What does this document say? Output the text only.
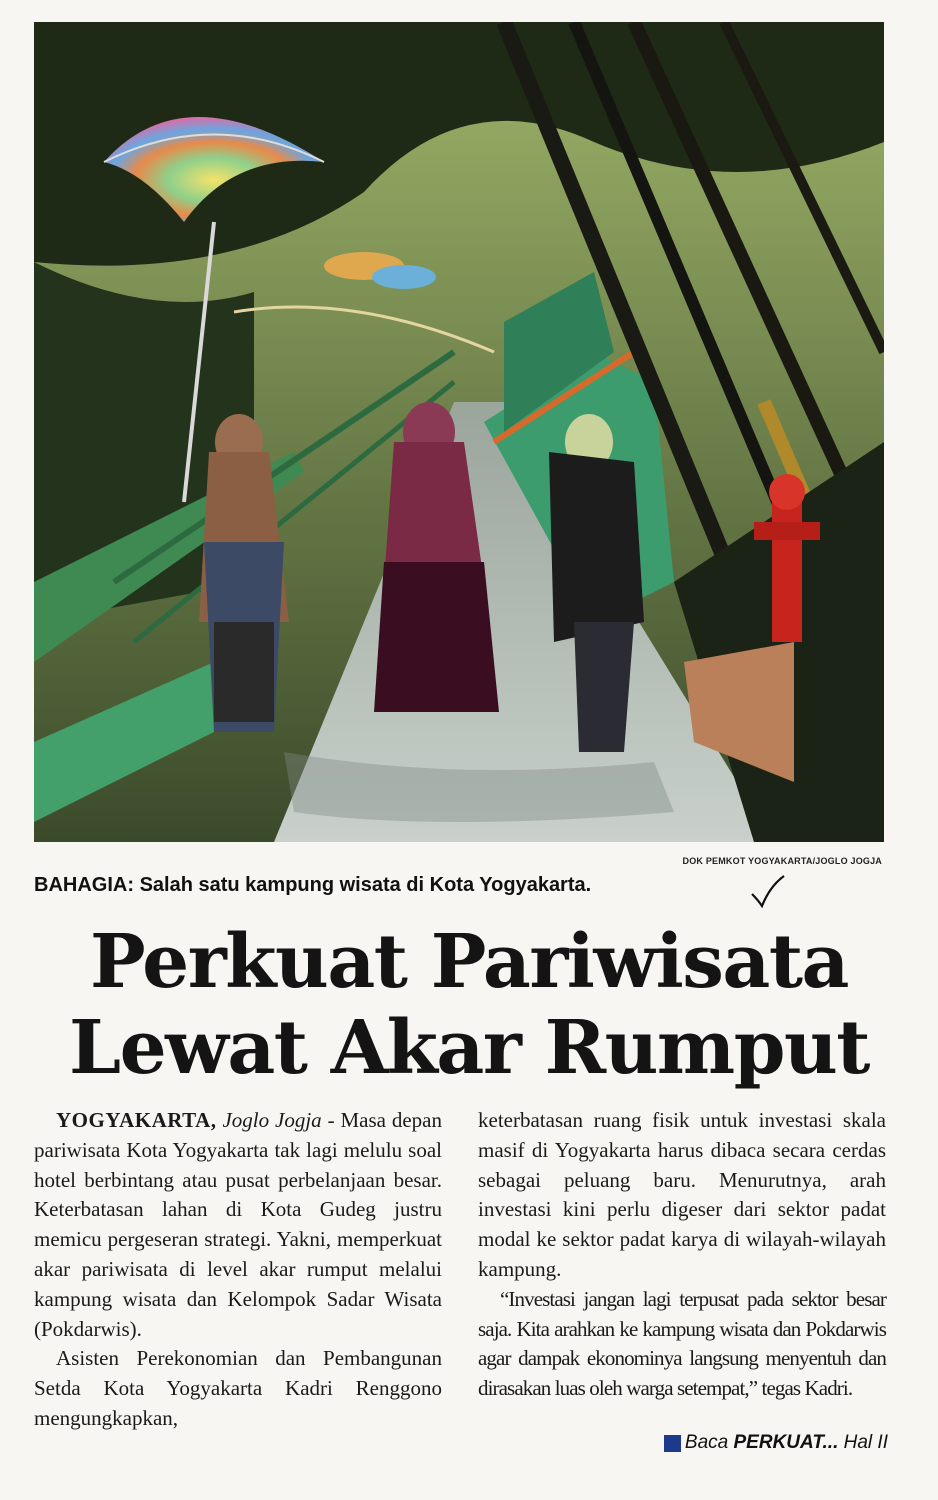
DOK PEMKOT YOGYAKARTA/JOGLO JOGJA
BAHAGIA: Salah satu kampung wisata di Kota Yogyakarta.
Perkuat Pariwisata
Lewat Akar Rumput

YOGYAKARTA, Joglo Jogja - Masa depan pariwisata Kota Yogyakarta tak lagi melulu soal hotel berbintang atau pusat perbelanjaan besar. Keterbatasan lahan di Kota Gudeg justru memicu pergeseran strategi. Yakni, memperkuat akar pariwisata di level akar rumput melalui kampung wisata dan Kelompok Sadar Wisata (Pokdarwis).

Asisten Perekonomian dan Pembangunan Setda Kota Yogyakarta Kadri Renggono mengungkapkan,

keterbatasan ruang fisik untuk investasi skala masif di Yogyakarta harus dibaca secara cerdas sebagai peluang baru. Menurutnya, arah investasi kini perlu digeser dari sektor padat modal ke sektor padat karya di wilayah-wilayah kampung.

“Investasi jangan lagi terpusat pada sektor besar saja. Kita arahkan ke kampung wisata dan Pokdarwis agar dampak ekonominya langsung menyentuh dan dirasakan luas oleh warga setempat,” tegas Kadri.

Baca
PERKUAT...
Hal II
